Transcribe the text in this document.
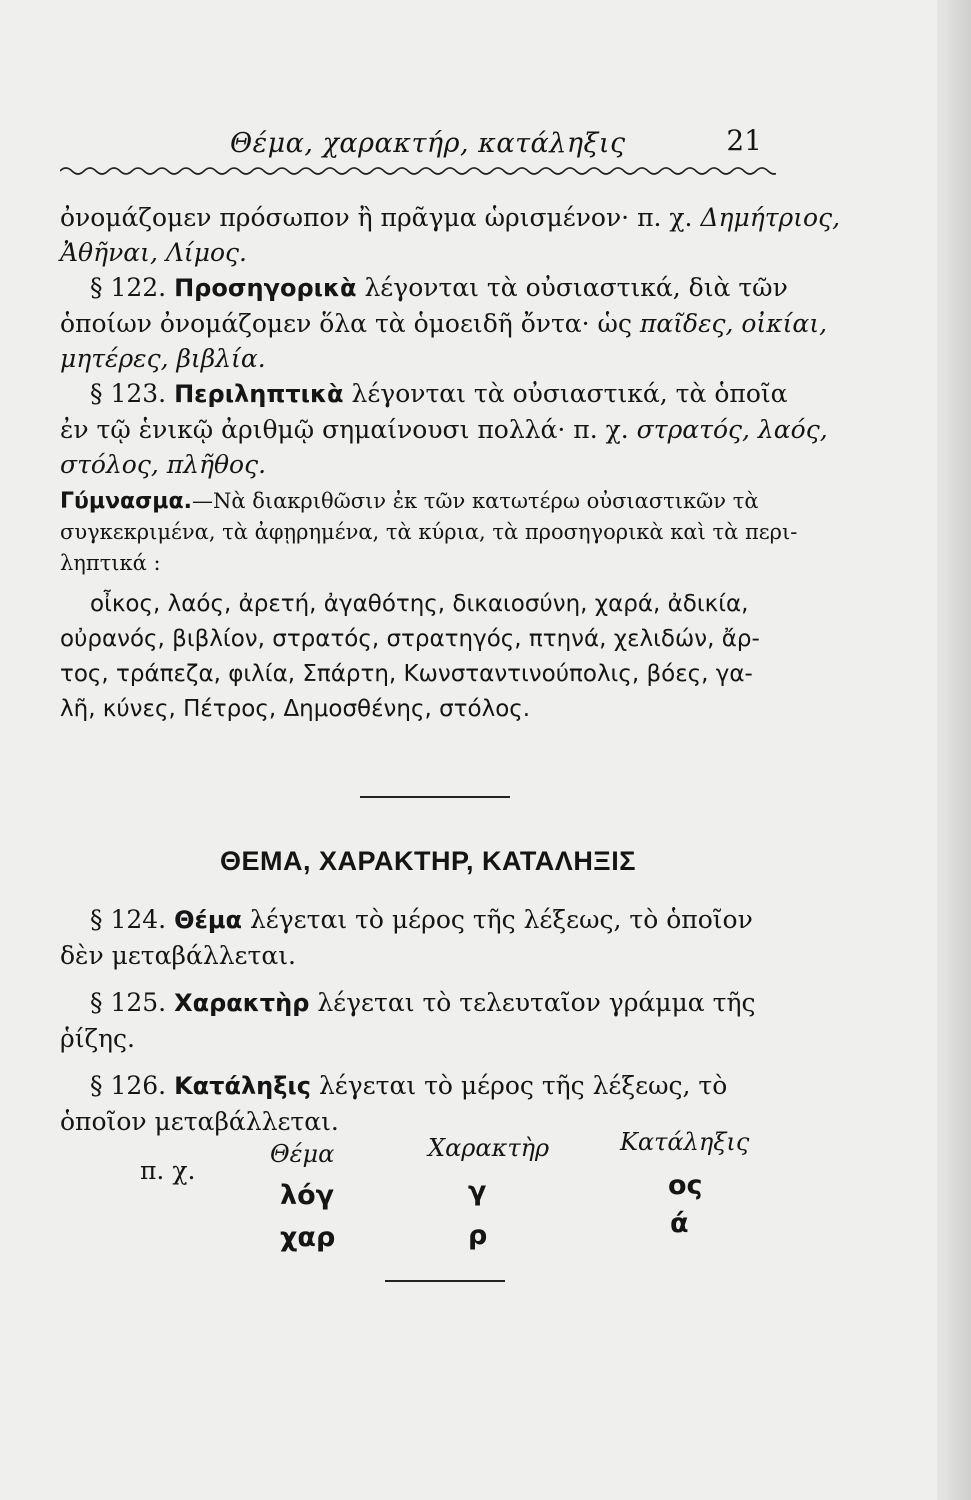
Θέμα, χαρακτήρ, κατάληξις	21
ὀνομάζομεν πρόσωπον ἢ πρᾶγμα ὡρισμένον· π. χ. Δημήτριος,
Ἀθῆναι, Λίμος.
§ 122. Προσηγορικὰ λέγονται τὰ οὐσιαστικά, διὰ τῶν
ὁποίων ὀνομάζομεν ὅλα τὰ ὁμοειδῆ ὄντα· ὡς παῖδες, οἰκίαι,
μητέρες, βιβλία.
§ 123. Περιληπτικὰ λέγονται τὰ οὐσιαστικά, τὰ ὁποῖα
ἐν τῷ ἑνικῷ ἀριθμῷ σημαίνουσι πολλά· π. χ. στρατός, λαός,
στόλος, πλῆθος.
Γύμνασμα.—Νὰ διακριθῶσιν ἐκ τῶν κατωτέρω οὐσιαστικῶν τὰ
συγκεκριμένα, τὰ ἀφῃρημένα, τὰ κύρια, τὰ προσηγορικὰ καὶ τὰ περι-
ληπτικά :
οἶκος, λαός, ἀρετή, ἀγαθότης, δικαιοσύνη, χαρά, ἀδικία,
οὐρανός, βιβλίον, στρατός, στρατηγός, πτηνά, χελιδών, ἄρ-
τος, τράπεζα, φιλία, Σπάρτη, Κωνσταντινούπολις, βόες, γα-
λῆ, κύνες, Πέτρος, Δημοσθένης, στόλος.
ΘΕΜΑ, ΧΑΡΑΚΤΗΡ, ΚΑΤΑΛΗΞΙΣ
§ 124. Θέμα λέγεται τὸ μέρος τῆς λέξεως, τὸ ὁποῖον
δὲν μεταβάλλεται.
§ 125. Χαρακτὴρ λέγεται τὸ τελευταῖον γράμμα τῆς
ῥίζης.
§ 126. Κατάληξις λέγεται τὸ μέρος τῆς λέξεως, τὸ
ὁποῖον μεταβάλλεται.
π. χ.
Θέμα	Χαρακτὴρ	Κατάληξις
λόγ	γ	ος
χαρ	ρ	ά
